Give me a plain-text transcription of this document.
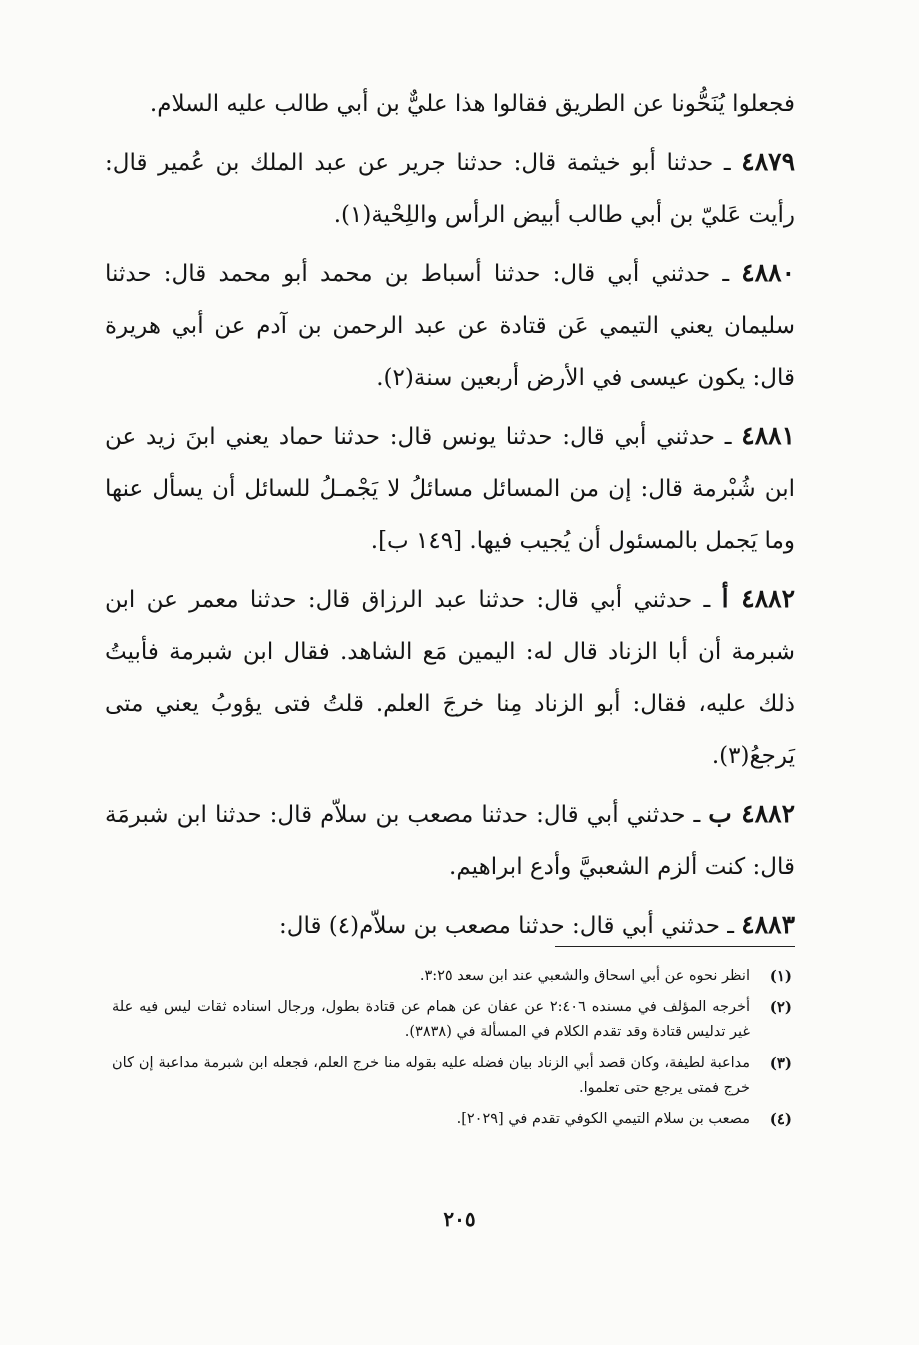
فجعلوا يُنَحُّونا عن الطريق فقالوا هذا عليٌّ بن أبي طالب عليه السلام.

٤٨٧٩ ـ حدثنا أبو خيثمة قال: حدثنا جرير عن عبد الملك بن عُمير قال: رأيت عَليّ بن أبي طالب أبيض الرأس واللِحْية(١).

٤٨٨٠ ـ حدثني أبي قال: حدثنا أسباط بن محمد أبو محمد قال: حدثنا سليمان يعني التيمي عَن قتادة عن عبد الرحمن بن آدم عن أبي هريرة قال: يكون عيسى في الأرض أربعين سنة(٢).

٤٨٨١ ـ حدثني أبي قال: حدثنا يونس قال: حدثنا حماد يعني ابنَ زيد عن ابن شُبْرمة قال: إن من المسائل مسائلُ لا يَجْمـلُ للسائل أن يسأل عنها وما يَجمل بالمسئول أن يُجيب فيها. [١٤٩ ب].

٤٨٨٢ أ ـ حدثني أبي قال: حدثنا عبد الرزاق قال: حدثنا معمر عن ابن شبرمة أن أبا الزناد قال له: اليمين مَع الشاهد. فقال ابن شبرمة فأبيتُ ذلك عليه، فقال: أبو الزناد مِنا خرجَ العلم. قلتُ فتى يؤوبُ يعني متى يَرجعُ(٣).

٤٨٨٢ ب ـ حدثني أبي قال: حدثنا مصعب بن سلاّم قال: حدثنا ابن شبرمَة قال: كنت ألزم الشعبيَّ وأدع ابراهيم.

٤٨٨٣ ـ حدثني أبي قال: حدثنا مصعب بن سلاّم(٤) قال:

(١)
انظر نحوه عن أبي اسحاق والشعبي عند ابن سعد ٣:٢٥.
(٢)
أخرجه المؤلف في مسنده ٢:٤٠٦ عن عفان عن همام عن قتادة بطول، ورجال اسناده ثقات ليس فيه علة غير تدليس قتادة وقد تقدم الكلام في المسألة في (٣٨٣٨).
(٣)
مداعبة لطيفة، وكان قصد أبي الزناد بيان فضله عليه بقوله منا خرج العلم، فجعله ابن شبرمة مداعبة إن كان خرج فمتى يرجع حتى تعلموا.
(٤)
مصعب بن سلام التيمي الكوفي تقدم في [٢٠٢٩].
٢٠٥
